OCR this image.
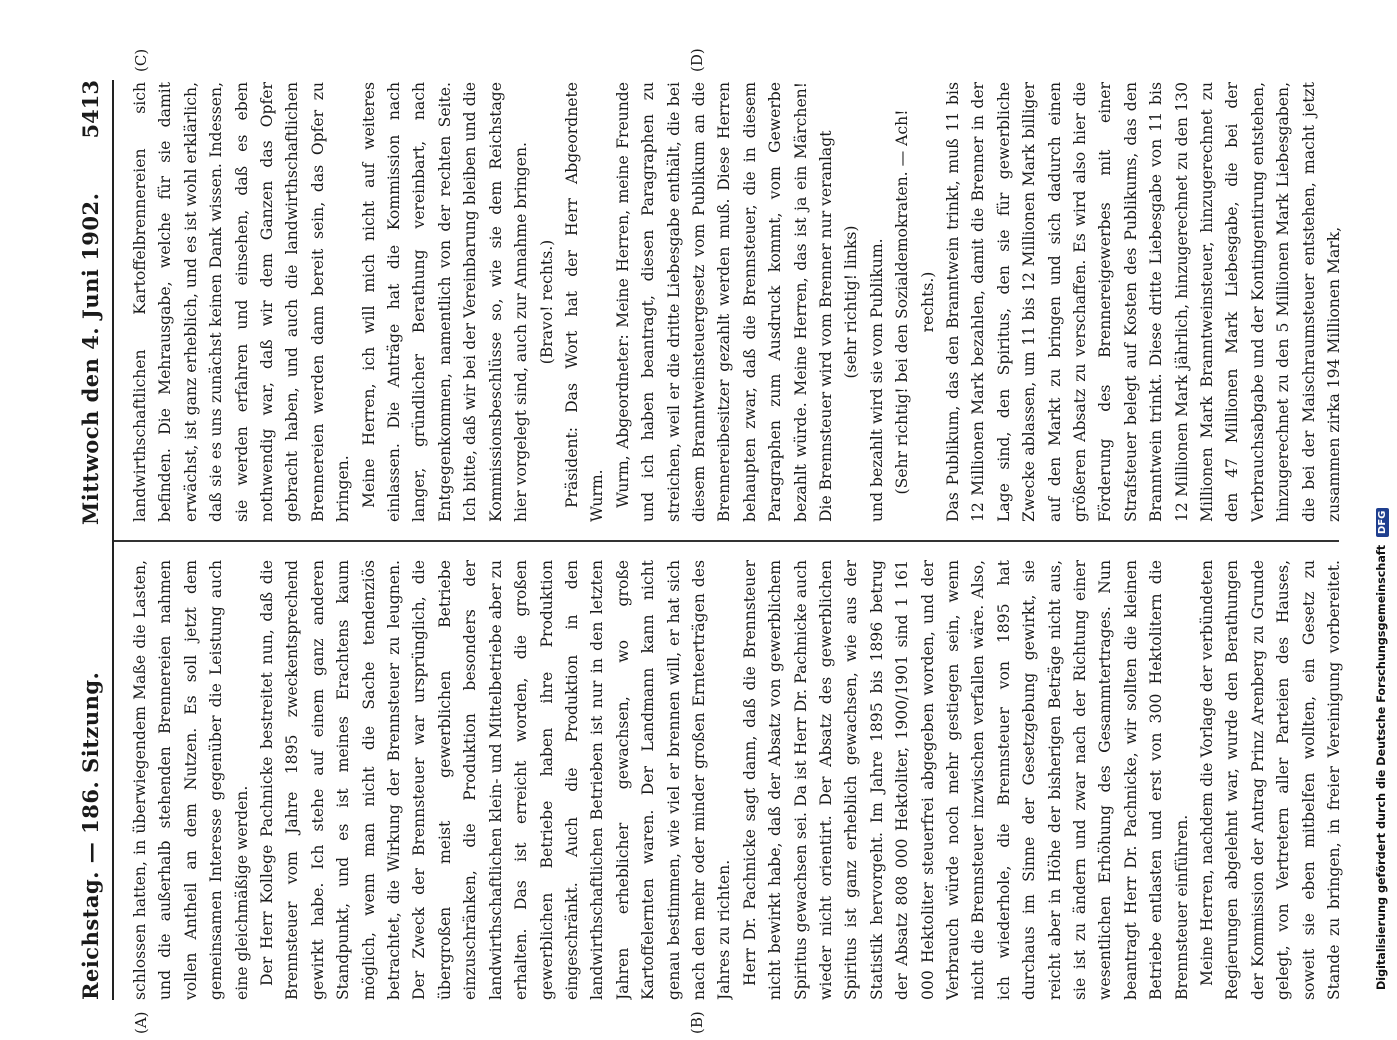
Reichstag. — 186. Sitzung.
Mittwoch den 4. Juni 1902.
5413
(A)	(B)
(C)	(D)

schlossen hatten, in überwiegendem Maße die Lasten, und die außerhalb stehenden Brennereien nahmen vollen Antheil an dem Nutzen. Es soll jetzt dem gemeinsamen Interesse gegenüber die Leistung auch eine gleichmäßige werden. Der Herr Kollege Pachnicke bestreitet nun, daß die Brennsteuer vom Jahre 1895 zweckentsprechend gewirkt habe. Ich stehe auf einem ganz anderen Standpunkt, und es ist meines Erachtens kaum möglich, wenn man nicht die Sache tendenziös betrachtet, die Wirkung der Brennsteuer zu leugnen. Der Zweck der Brennsteuer war ursprünglich, die übergroßen meist gewerblichen Betriebe einzuschränken, die Produktion besonders der landwirthschaftlichen klein- und Mittelbetriebe aber zu erhalten. Das ist erreicht worden, die großen gewerblichen Betriebe haben ihre Produktion eingeschränkt. Auch die Produktion in den landwirthschaftlichen Betrieben ist nur in den letzten Jahren erheblicher gewachsen, wo große Kartoffelernten waren. Der Landmann kann nicht genau bestimmen, wie viel er brennen will, er hat sich nach den mehr oder minder großen Ernteerträgen des Jahres zu richten. Herr Dr. Pachnicke sagt dann, daß die Brennsteuer nicht bewirkt habe, daß der Absatz von gewerblichem Spiritus gewachsen sei. Da ist Herr Dr. Pachnicke auch wieder nicht orientirt. Der Absatz des gewerblichen Spiritus ist ganz erheblich gewachsen, wie aus der Statistik hervorgeht. Im Jahre 1895 bis 1896 betrug der Absatz 808 000 Hektoliter, 1900/1901 sind 1 161 000 Hektoliter steuerfrei abgegeben worden, und der Verbrauch würde noch mehr gestiegen sein, wenn nicht die Brennsteuer inzwischen verfallen wäre. Also, ich wiederhole, die Brennsteuer von 1895 hat durchaus im Sinne der Gesetzgebung gewirkt, sie reicht aber in Höhe der bisherigen Beträge nicht aus, sie ist zu ändern und zwar nach der Richtung einer wesentlichen Erhöhung des Gesammtertrages. Nun beantragt Herr Dr. Pachnicke, wir sollten die kleinen Betriebe entlasten und erst von 300 Hektolitern die Brennsteuer einführen. Meine Herren, nachdem die Vorlage der verbündeten Regierungen abgelehnt war, wurde den Berathungen der Kommission der Antrag Prinz Arenberg zu Grunde gelegt, von Vertretern aller Parteien des Hauses, soweit sie eben mitbelfen wollten, ein Gesetz zu Stande zu bringen, in freier Vereinigung vorbereitet.

landwirthschaftlichen Kartoffelbrennereien sich befinden. Die Mehrausgabe, welche für sie damit erwächst, ist ganz erheblich, und es ist wohl erklärlich, daß sie es uns zunächst keinen Dank wissen. Indessen, sie werden erfahren und einsehen, daß es eben nothwendig war, daß wir dem Ganzen das Opfer gebracht haben, und auch die landwirthschaftlichen Brennereien werden dann bereit sein, das Opfer zu bringen. Meine Herren, ich will mich nicht auf weiteres einlassen. Die Anträge hat die Kommission nach langer, gründlicher Berathung vereinbart, nach Entgegenkommen, namentlich von der rechten Seite. Ich bitte, daß wir bei der Vereinbarung bleiben und die Kommissionsbeschlüsse so, wie sie dem Reichstage hier vorgelegt sind, auch zur Annahme bringen. (Bravo! rechts.) Präsident: Das Wort hat der Herr Abgeordnete Wurm. Wurm, Abgeordneter: Meine Herren, meine Freunde und ich haben beantragt, diesen Paragraphen zu streichen, weil er die dritte Liebesgabe enthält, die bei diesem Branntweinsteuergesetz vom Publikum an die Brennereibesitzer gezahlt werden muß. Diese Herren behaupten zwar, daß die Brennsteuer, die in diesem Paragraphen zum Ausdruck kommt, vom Gewerbe bezahlt würde. Meine Herren, das ist ja ein Märchen! Die Brennsteuer wird vom Brenner nur veranlagt (sehr richtig! links) und bezahlt wird sie vom Publikum. (Sehr richtig! bei den Sozialdemokraten. — Ach! rechts.) Das Publikum, das den Branntwein trinkt, muß 11 bis 12 Millionen Mark bezahlen, damit die Brenner in der Lage sind, den Spiritus, den sie für gewerbliche Zwecke ablassen, um 11 bis 12 Millionen Mark billiger auf den Markt zu bringen und sich dadurch einen größeren Absatz zu verschaffen. Es wird also hier die Förderung des Brennereigewerbes mit einer Strafsteuer belegt auf Kosten des Publikums, das den Branntwein trinkt. Diese dritte Liebesgabe von 11 bis 12 Millionen Mark jährlich, hinzugerechnet zu den 130 Millionen Mark Branntweinsteuer, hinzugerechnet zu den 47 Millionen Mark Liebesgabe, die bei der Verbrauchsabgabe und der Kontingentirung entstehen, hinzugerechnet zu den 5 Millionen Mark Liebesgaben, die bei der Maischraumsteuer entstehen, macht jetzt zusammen zirka 194 Millionen Mark,

Digitalisierung gefördert durch die Deutsche Forschungsgemeinschaft DFG
